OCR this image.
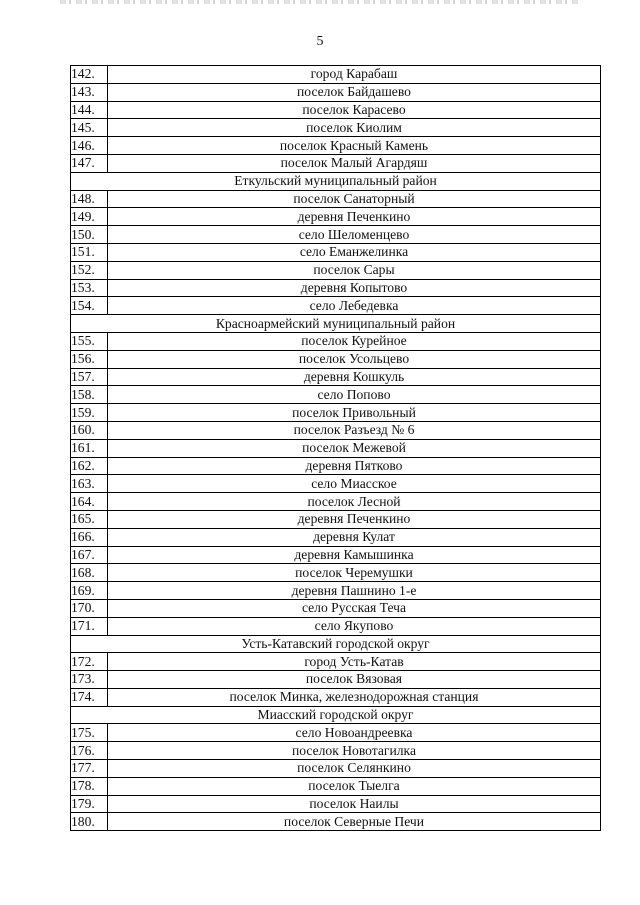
5
142.	город Карабаш
143.	поселок Байдашево
144.	поселок Карасево
145.	поселок Киолим
146.	поселок Красный Камень
147.	поселок Малый Агардяш
Еткульский муниципальный район	
148.	поселок Санаторный
149.	деревня Печенкино
150.	село Шеломенцево
151.	село Еманжелинка
152.	поселок Сары
153.	деревня Копытово
154.	село Лебедевка
Красноармейский муниципальный район	
155.	поселок Курейное
156.	поселок Усольцево
157.	деревня Кошкуль
158.	село Попово
159.	поселок Привольный
160.	поселок Разъезд № 6
161.	поселок Межевой
162.	деревня Пятково
163.	село Миасское
164.	поселок Лесной
165.	деревня Печенкино
166.	деревня Кулат
167.	деревня Камышинка
168.	поселок Черемушки
169.	деревня Пашнино 1-е
170.	село Русская Теча
171.	село Якупово
Усть-Катавский городской округ	
172.	город Усть-Катав
173.	поселок Вязовая
174.	поселок Минка, железнодорожная станция
Миасский городской округ	
175.	село Новоандреевка
176.	поселок Новотагилка
177.	поселок Селянкино
178.	поселок Тыелга
179.	поселок Наилы
180.	поселок Северные Печи
